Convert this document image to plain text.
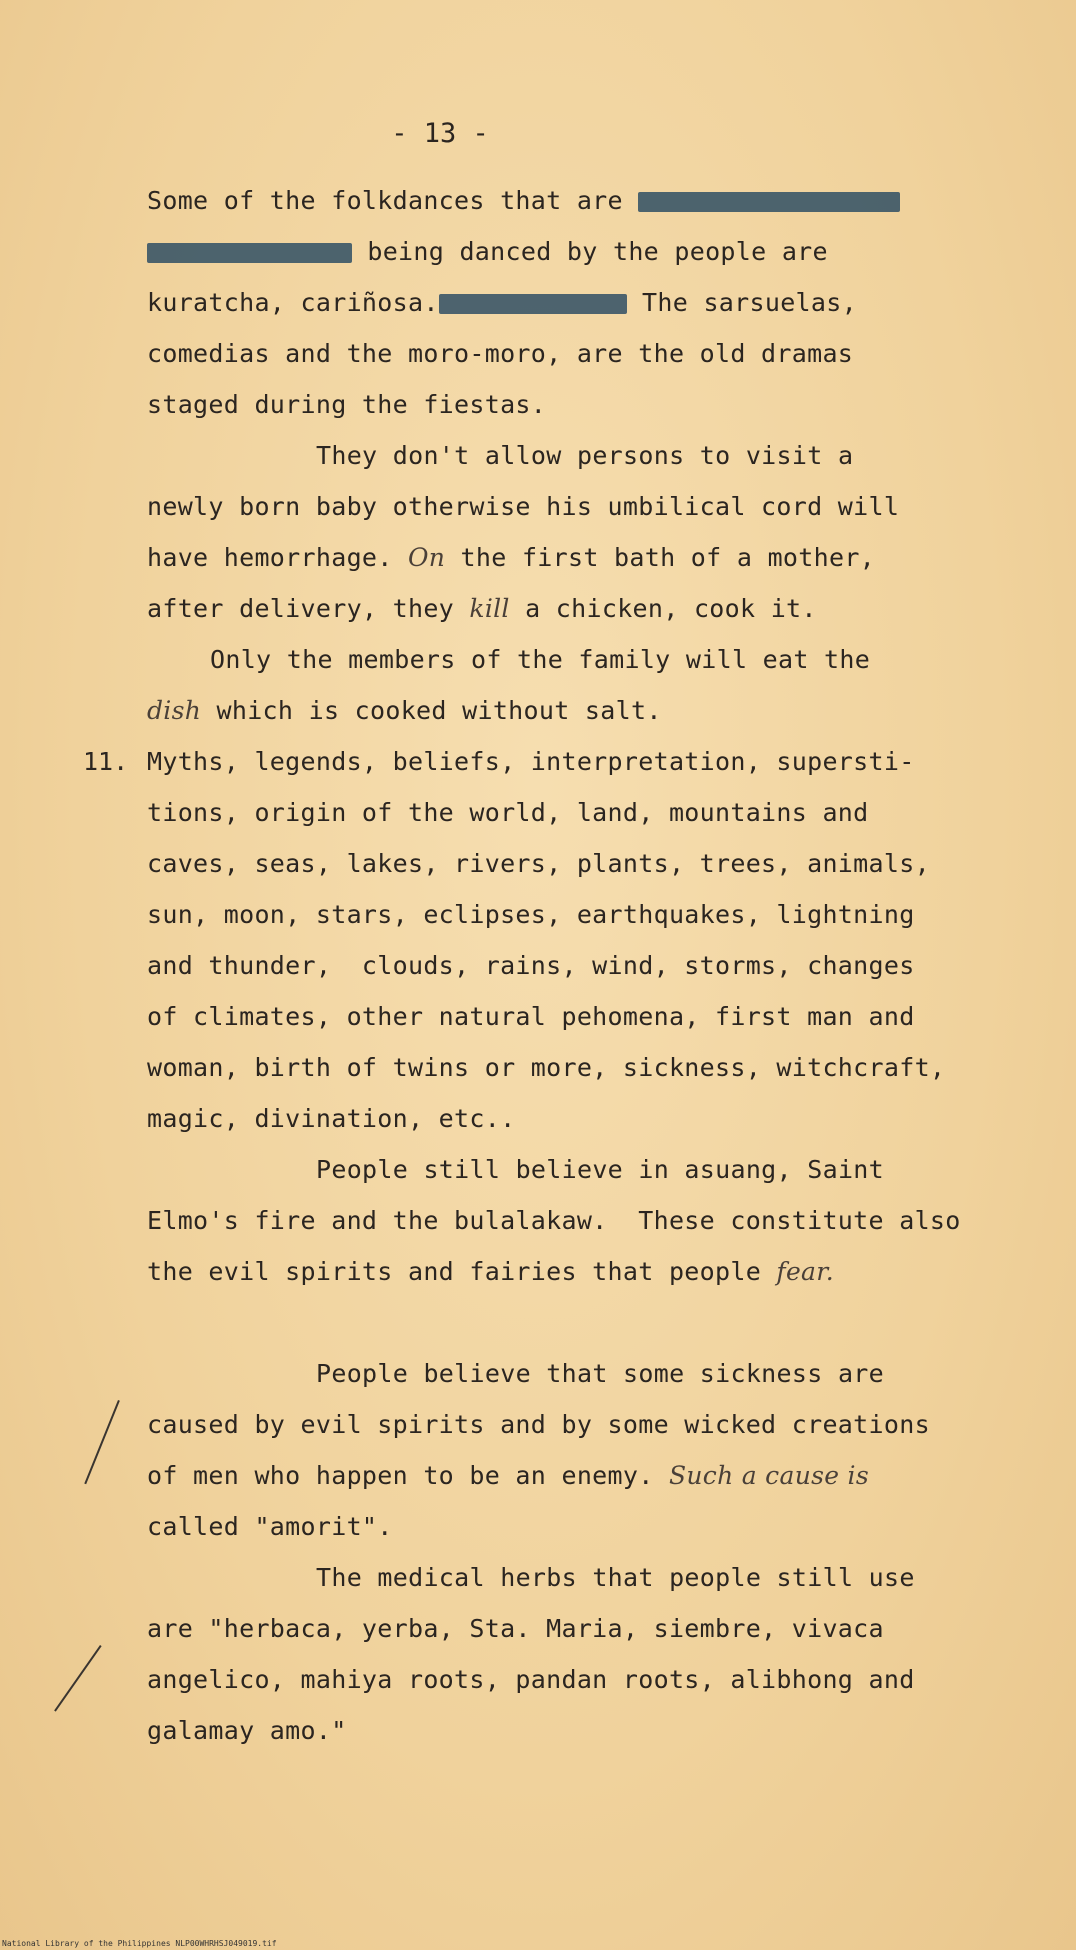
- 13 -
Some of the folkdances that are
being danced by the people are
kuratcha, cariñosa.	The sarsuelas,
comedias and the moro-moro, are the old dramas
staged during the fiestas.
They don't allow persons to visit a
newly born baby otherwise his umbilical cord will
have hemorrhage. On the first bath of a mother,
after delivery, they kill a chicken, cook it.
Only the members of the family will eat the
dish which is cooked without salt.
11. Myths, legends, beliefs, interpretation, supersti-
tions, origin of the world, land, mountains and
caves, seas, lakes, rivers, plants, trees, animals,
sun, moon, stars, eclipses, earthquakes, lightning
and thunder,  clouds, rains, wind, storms, changes
of climates, other natural pehomena, first man and
woman, birth of twins or more, sickness, witchcraft,
magic, divination, etc..
People still believe in asuang, Saint
Elmo's fire and the bulalakaw.  These constitute also
the evil spirits and fairies that people fear.
People believe that some sickness are
caused by evil spirits and by some wicked creations
of men who happen to be an enemy. Such a cause is
called "amorit".
The medical herbs that people still use
are "herbaca, yerba, Sta. Maria, siembre, vivaca
angelico, mahiya roots, pandan roots, alibhong and
galamay amo."
National Library of the Philippines NLP00WHRHSJ049019.tif
